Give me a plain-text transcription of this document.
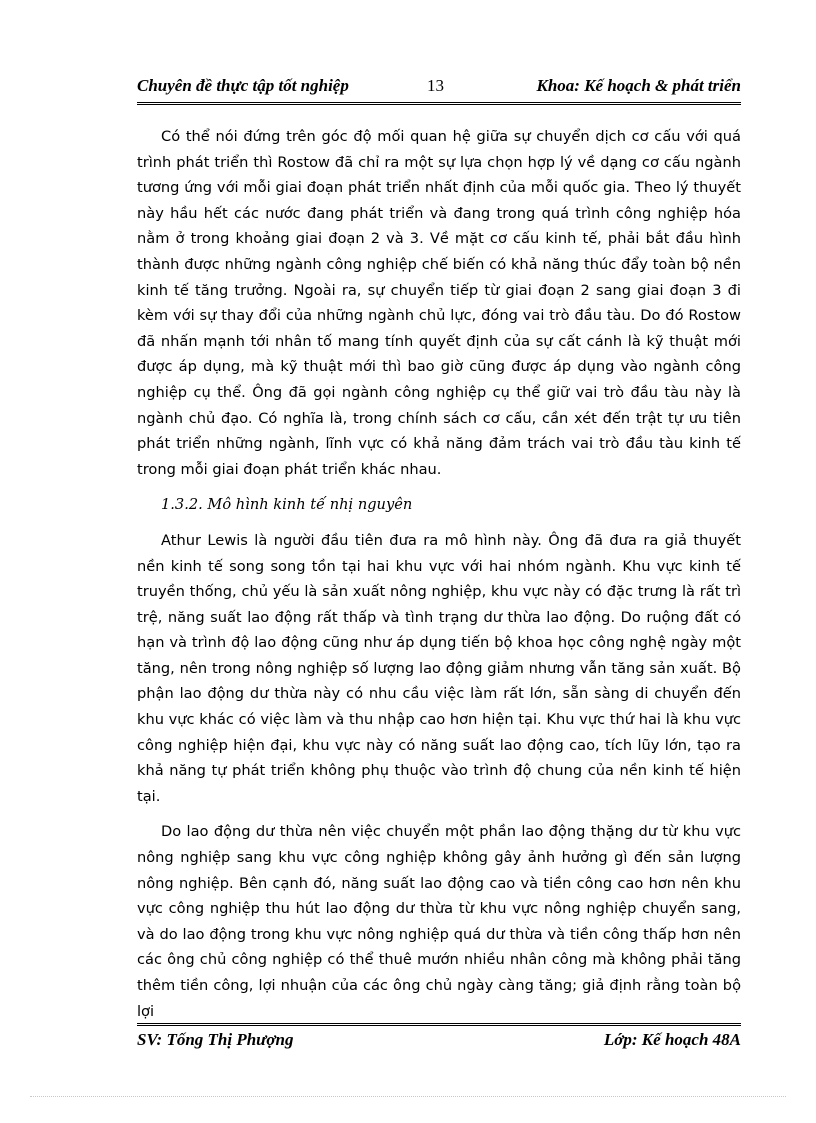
Chuyên đề thực tập tốt nghiệp	13	Khoa: Kế hoạch & phát triển

Có thể nói đứng trên góc độ mối quan hệ giữa sự chuyển dịch cơ cấu với quá trình phát triển thì Rostow đã chỉ ra một sự lựa chọn hợp lý về dạng cơ cấu ngành tương ứng với mỗi giai đoạn phát triển nhất định của mỗi quốc gia. Theo lý thuyết này hầu hết các nước đang phát triển và đang trong quá trình công nghiệp hóa nằm ở trong khoảng giai đoạn 2 và 3. Về mặt cơ cấu kinh tế, phải bắt đầu hình thành được những ngành công nghiệp chế biến có khả năng thúc đẩy toàn bộ nền kinh tế tăng trưởng. Ngoài ra, sự chuyển tiếp từ giai đoạn 2 sang giai đoạn 3 đi kèm với sự thay đổi của những ngành chủ lực, đóng vai trò đầu tàu. Do đó Rostow đã nhấn mạnh tới nhân tố mang tính quyết định của sự cất cánh là kỹ thuật mới được áp dụng, mà kỹ thuật mới thì bao giờ cũng được áp dụng vào ngành công nghiệp cụ thể. Ông đã gọi ngành công nghiệp cụ thể giữ vai trò đầu tàu này là ngành chủ đạo. Có nghĩa là, trong chính sách cơ cấu, cần xét đến trật tự ưu tiên phát triển những ngành, lĩnh vực có khả năng đảm trách vai trò đầu tàu kinh tế trong mỗi giai đoạn phát triển khác nhau.

1.3.2. Mô hình kinh tế nhị nguyên

Athur Lewis là người đầu tiên đưa ra mô hình này. Ông đã đưa ra giả thuyết nền kinh tế song song tồn tại hai khu vực với hai nhóm ngành. Khu vực kinh tế truyền thống, chủ yếu là sản xuất nông nghiệp, khu vực này có đặc trưng là rất trì trệ, năng suất lao động rất thấp và tình trạng dư thừa lao động. Do ruộng đất có hạn và trình độ lao động cũng như áp dụng tiến bộ khoa học công nghệ ngày một tăng, nên trong nông nghiệp số lượng lao động giảm nhưng vẫn tăng sản xuất. Bộ phận lao động dư thừa này có nhu cầu việc làm rất lớn, sẵn sàng di chuyển đến khu vực khác có việc làm và thu nhập cao hơn hiện tại. Khu vực thứ hai là khu vực công nghiệp hiện đại, khu vực này có năng suất lao động cao, tích lũy lớn, tạo ra khả năng tự phát triển không phụ thuộc vào trình độ chung của nền kinh tế hiện tại.

Do lao động dư thừa nên việc chuyển một phần lao động thặng dư từ khu vực nông nghiệp sang khu vực công nghiệp không gây ảnh hưởng gì đến sản lượng nông nghiệp. Bên cạnh đó, năng suất lao động cao và tiền công cao hơn nên khu vực công nghiệp thu hút lao động dư thừa từ khu vực nông nghiệp chuyển sang, và do lao động trong khu vực nông nghiệp quá dư thừa và tiền công thấp hơn nên các ông chủ công nghiệp có thể thuê mướn nhiều nhân công mà không phải tăng thêm tiền công, lợi nhuận của các ông chủ ngày càng tăng; giả định rằng toàn bộ lợi

SV: Tống Thị Phượng	Lớp: Kế hoạch 48A
